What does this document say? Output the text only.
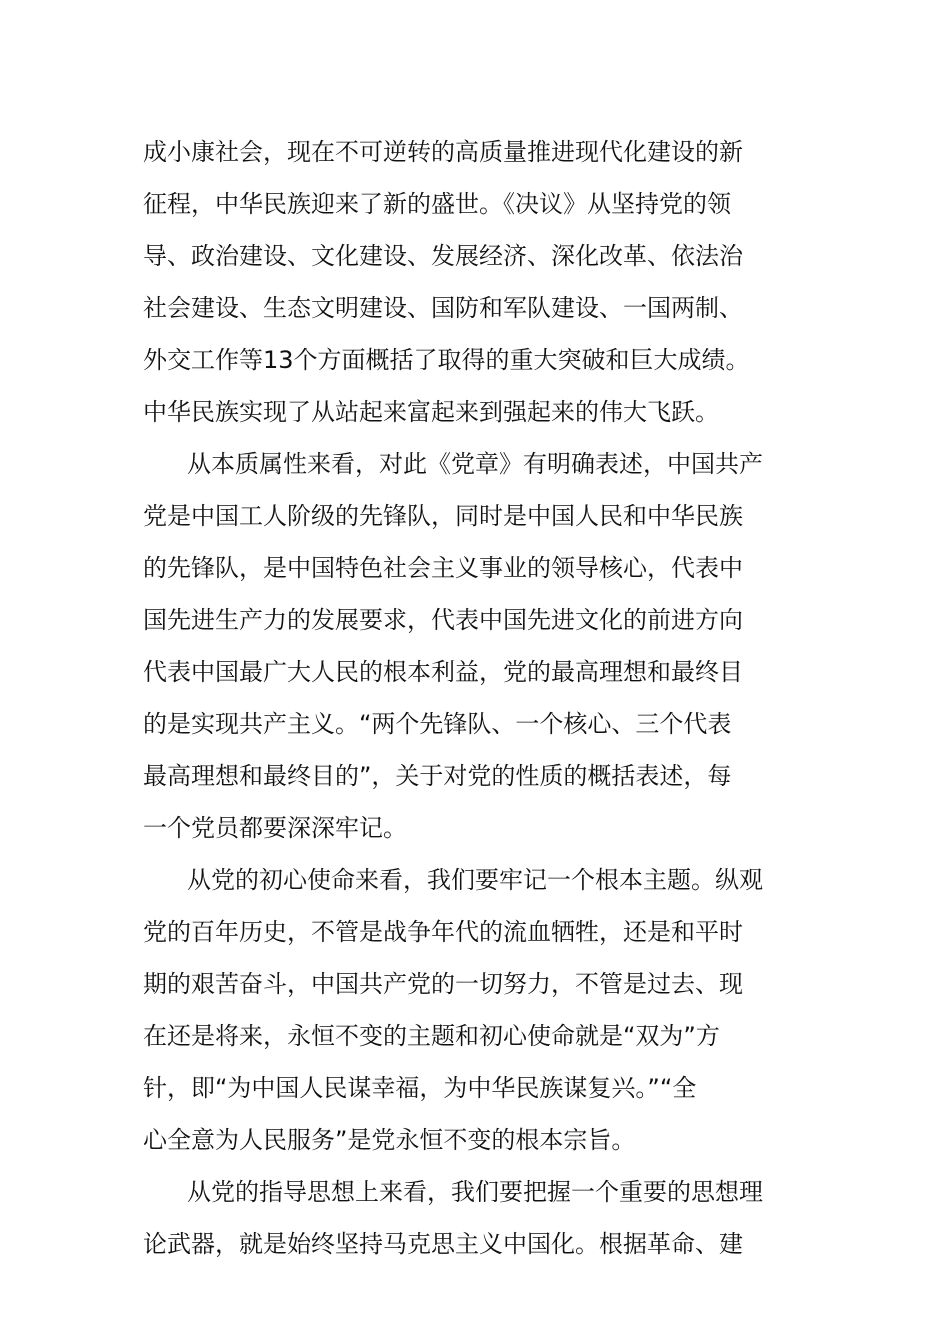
成小康社会，现在不可逆转的高质量推进现代化建设的新
征程，中华民族迎来了新的盛世。《决议》从坚持党的领
导、政治建设、文化建设、发展经济、深化改革、依法治
社会建设、生态文明建设、国防和军队建设、一国两制、
外交工作等13个方面概括了取得的重大突破和巨大成绩。
中华民族实现了从站起来富起来到强起来的伟大飞跃。
从本质属性来看，对此《党章》有明确表述，中国共产
党是中国工人阶级的先锋队，同时是中国人民和中华民族
的先锋队，是中国特色社会主义事业的领导核心，代表中
国先进生产力的发展要求，代表中国先进文化的前进方向
代表中国最广大人民的根本利益，党的最高理想和最终目
的是实现共产主义。“两个先锋队、一个核心、三个代表
最高理想和最终目的”，关于对党的性质的概括表述，每
一个党员都要深深牢记。
从党的初心使命来看，我们要牢记一个根本主题。纵观
党的百年历史，不管是战争年代的流血牺牲，还是和平时
期的艰苦奋斗，中国共产党的一切努力，不管是过去、现
在还是将来，永恒不变的主题和初心使命就是“双为”方
针，即“为中国人民谋幸福，为中华民族谋复兴。”“全
心全意为人民服务”是党永恒不变的根本宗旨。
从党的指导思想上来看，我们要把握一个重要的思想理
论武器，就是始终坚持马克思主义中国化。根据革命、建
